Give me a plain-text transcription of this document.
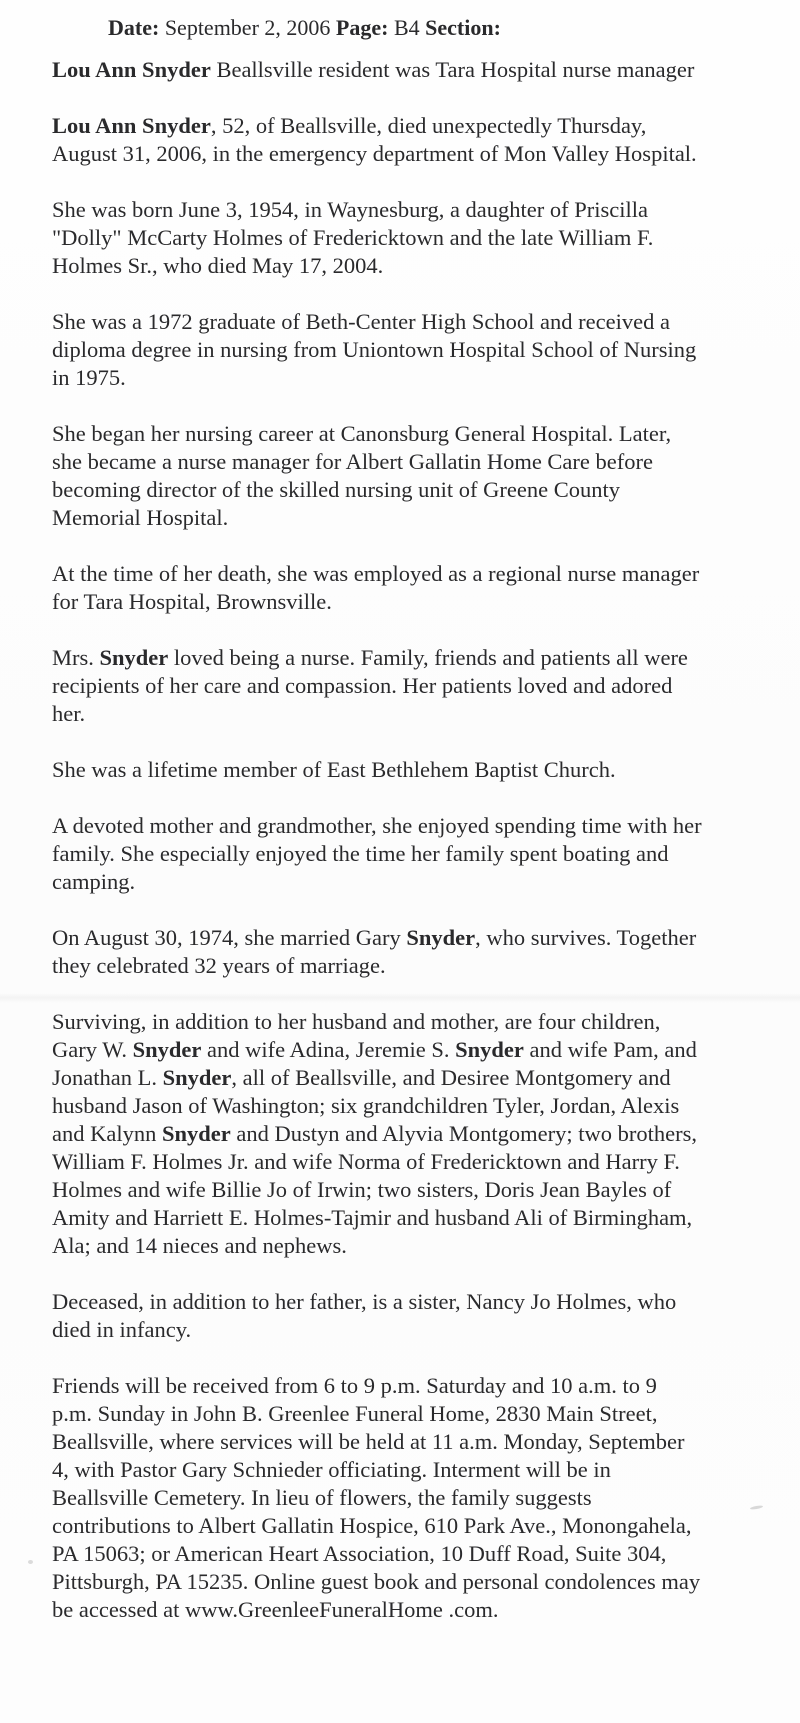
Date: September 2, 2006 Page: B4 Section:

Lou Ann Snyder Beallsville resident was Tara Hospital nurse manager

Lou Ann Snyder, 52, of Beallsville, died unexpectedly Thursday, August 31, 2006, in the emergency department of Mon Valley Hospital.

She was born June 3, 1954, in Waynesburg, a daughter of Priscilla "Dolly" McCarty Holmes of Fredericktown and the late William F. Holmes Sr., who died May 17, 2004.

She was a 1972 graduate of Beth-Center High School and received a diploma degree in nursing from Uniontown Hospital School of Nursing in 1975.

She began her nursing career at Canonsburg General Hospital. Later, she became a nurse manager for Albert Gallatin Home Care before becoming director of the skilled nursing unit of Greene County Memorial Hospital.

At the time of her death, she was employed as a regional nurse manager for Tara Hospital, Brownsville.

Mrs. Snyder loved being a nurse. Family, friends and patients all were recipients of her care and compassion. Her patients loved and adored her.

She was a lifetime member of East Bethlehem Baptist Church.

A devoted mother and grandmother, she enjoyed spending time with her family. She especially enjoyed the time her family spent boating and camping.

On August 30, 1974, she married Gary Snyder, who survives. Together they celebrated 32 years of marriage.

Surviving, in addition to her husband and mother, are four children, Gary W. Snyder and wife Adina, Jeremie S. Snyder and wife Pam, and Jonathan L. Snyder, all of Beallsville, and Desiree Montgomery and husband Jason of Washington; six grandchildren Tyler, Jordan, Alexis and Kalynn Snyder and Dustyn and Alyvia Montgomery; two brothers, William F. Holmes Jr. and wife Norma of Fredericktown and Harry F. Holmes and wife Billie Jo of Irwin; two sisters, Doris Jean Bayles of Amity and Harriett E. Holmes-Tajmir and husband Ali of Birmingham, Ala; and 14 nieces and nephews.

Deceased, in addition to her father, is a sister, Nancy Jo Holmes, who died in infancy.

Friends will be received from 6 to 9 p.m. Saturday and 10 a.m. to 9 p.m. Sunday in John B. Greenlee Funeral Home, 2830 Main Street, Beallsville, where services will be held at 11 a.m. Monday, September 4, with Pastor Gary Schnieder officiating. Interment will be in Beallsville Cemetery. In lieu of flowers, the family suggests contributions to Albert Gallatin Hospice, 610 Park Ave., Monongahela, PA 15063; or American Heart Association, 10 Duff Road, Suite 304, Pittsburgh, PA 15235. Online guest book and personal condolences may be accessed at www.GreenleeFuneralHome .com.
